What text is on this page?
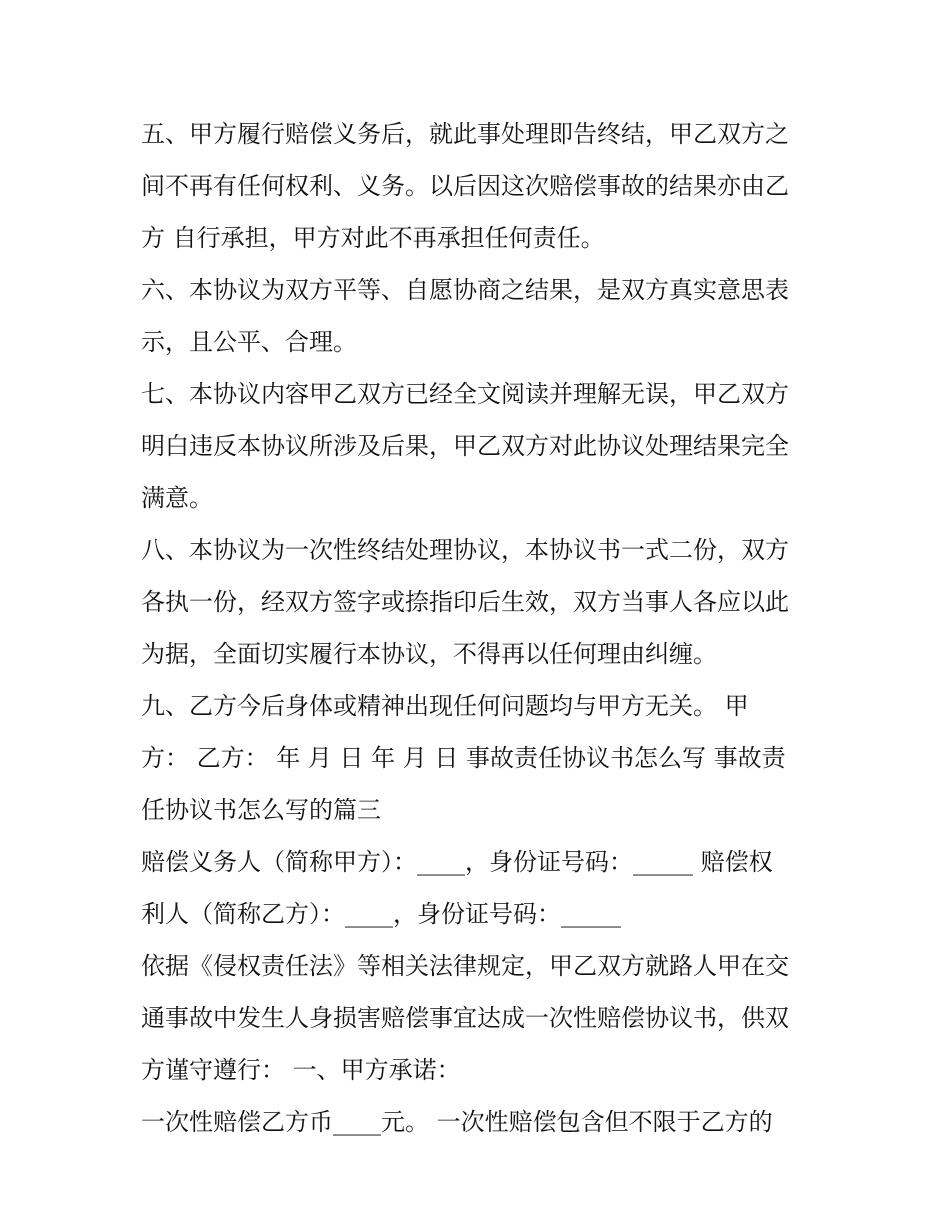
五、甲方履行赔偿义务后，就此事处理即告终结，甲乙双方之
间不再有任何权利、义务。以后因这次赔偿事故的结果亦由乙
方 自行承担，甲方对此不再承担任何责任。
六、本协议为双方平等、自愿协商之结果，是双方真实意思表
示，且公平、合理。
七、本协议内容甲乙双方已经全文阅读并理解无误，甲乙双方
明白违反本协议所涉及后果，甲乙双方对此协议处理结果完全
满意。
八、本协议为一次性终结处理协议，本协议书一式二份，双方
各执一份，经双方签字或捺指印后生效，双方当事人各应以此
为据，全面切实履行本协议，不得再以任何理由纠缠。
九、乙方今后身体或精神出现任何问题均与甲方无关。 甲
方： 乙方： 年 月 日 年 月 日 事故责任协议书怎么写 事故责
任协议书怎么写的篇三
赔偿义务人（简称甲方）：____，身份证号码：_____ 赔偿权
利人（简称乙方）：____，身份证号码：_____
依据《侵权责任法》等相关法律规定，甲乙双方就路人甲在交
通事故中发生人身损害赔偿事宜达成一次性赔偿协议书，供双
方谨守遵行： 一、甲方承诺：
一次性赔偿乙方币____元。 一次性赔偿包含但不限于乙方的
